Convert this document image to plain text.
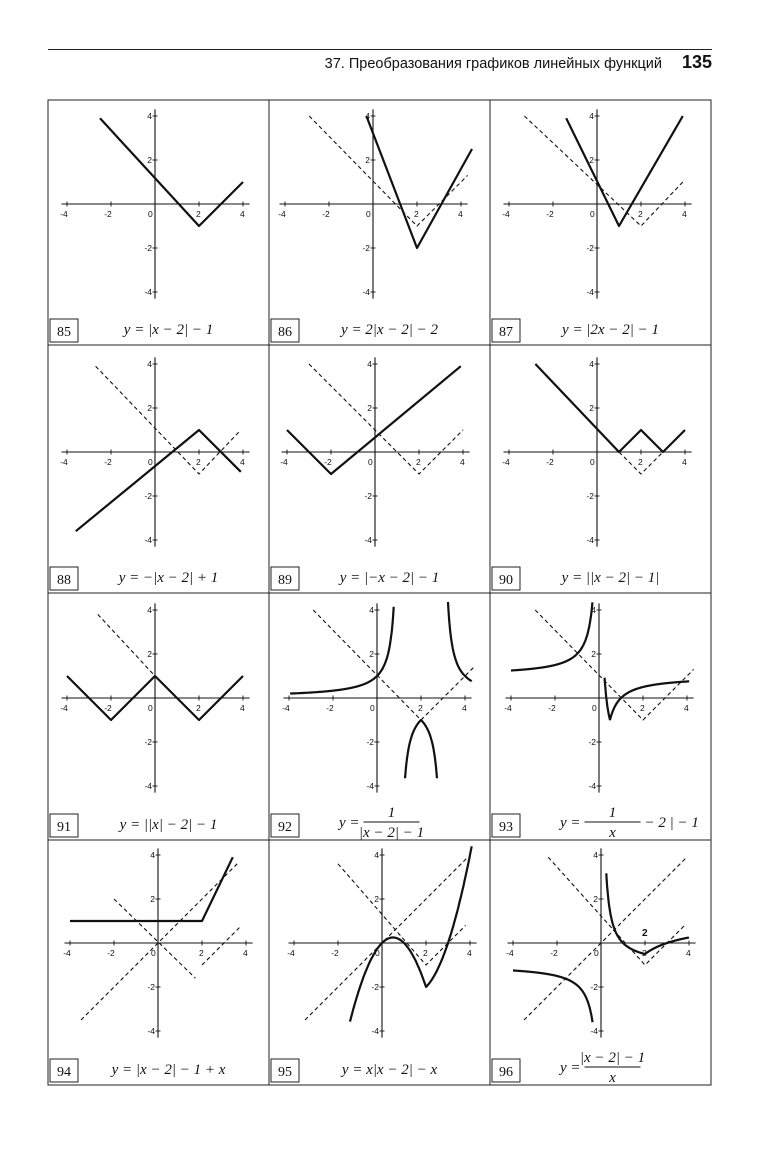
37. Преобразования графиков линейных функций 135
-4	-2	0	2	4
4
2
-2
-4
85	y = |x − 2| − 1
-4	-2	0	2	4
4
2
-2
-4
86	y = 2|x − 2| − 2
-4	-2	0	2	4
4
2
-2
-4
87	y = |2x − 2| − 1
-4	-2	0	2	4
4
2
-2
-4
88	y = −|x − 2| + 1
-4	-2	0	2	4
4
2
-2
-4
89	y = |−x − 2| − 1
-4	-2	0	2	4
4
2
-2
-4
90	y = ||x − 2| − 1|
-4	-2	0	2	4
4
2
-2
-4
91	y = ||x| − 2| − 1
-4	-2	0	2	4
4
2
-2
-4
92	y =
1
|x − 2| − 1
-4	-2	0	2	4
4
2
-2
-4
93	y =
1
x
− 2 | − 1
-4	-2	0	2	4
4
2
-2
-4
94	y = |x − 2| − 1 + x
-4	-2	0	2	4
4
2
-2
-4
95	y = x|x − 2| − x
-4	-2	0	2	4
4
2
-2
-4
96	y =
|x − 2| − 1
x
2
